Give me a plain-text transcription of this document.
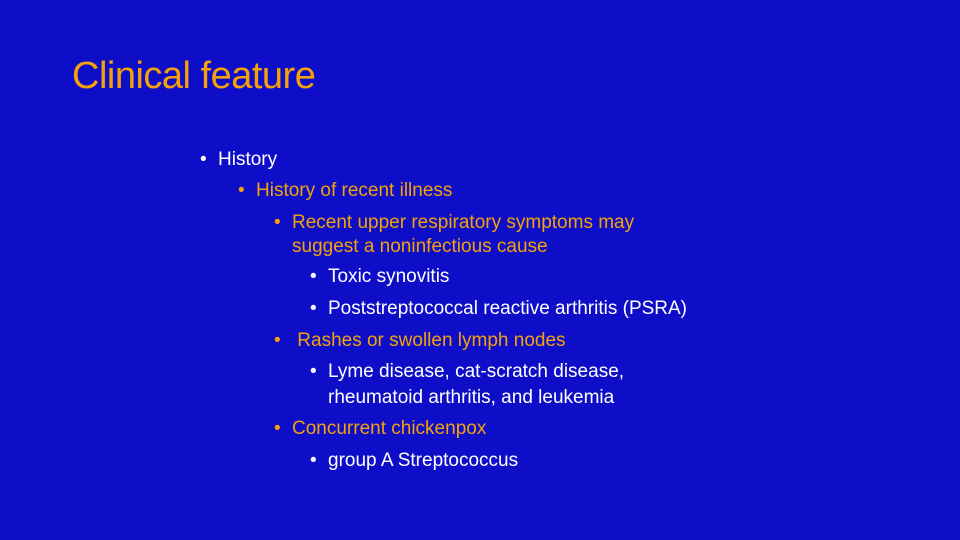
Clinical feature
• History
• History of recent illness
• Recent upper respiratory symptoms may
suggest a noninfectious cause
• Toxic synovitis
• Poststreptococcal reactive arthritis (PSRA)
• Rashes or swollen lymph nodes
• Lyme disease, cat-scratch disease,
rheumatoid arthritis, and leukemia
• Concurrent chickenpox
• group A Streptococcus
